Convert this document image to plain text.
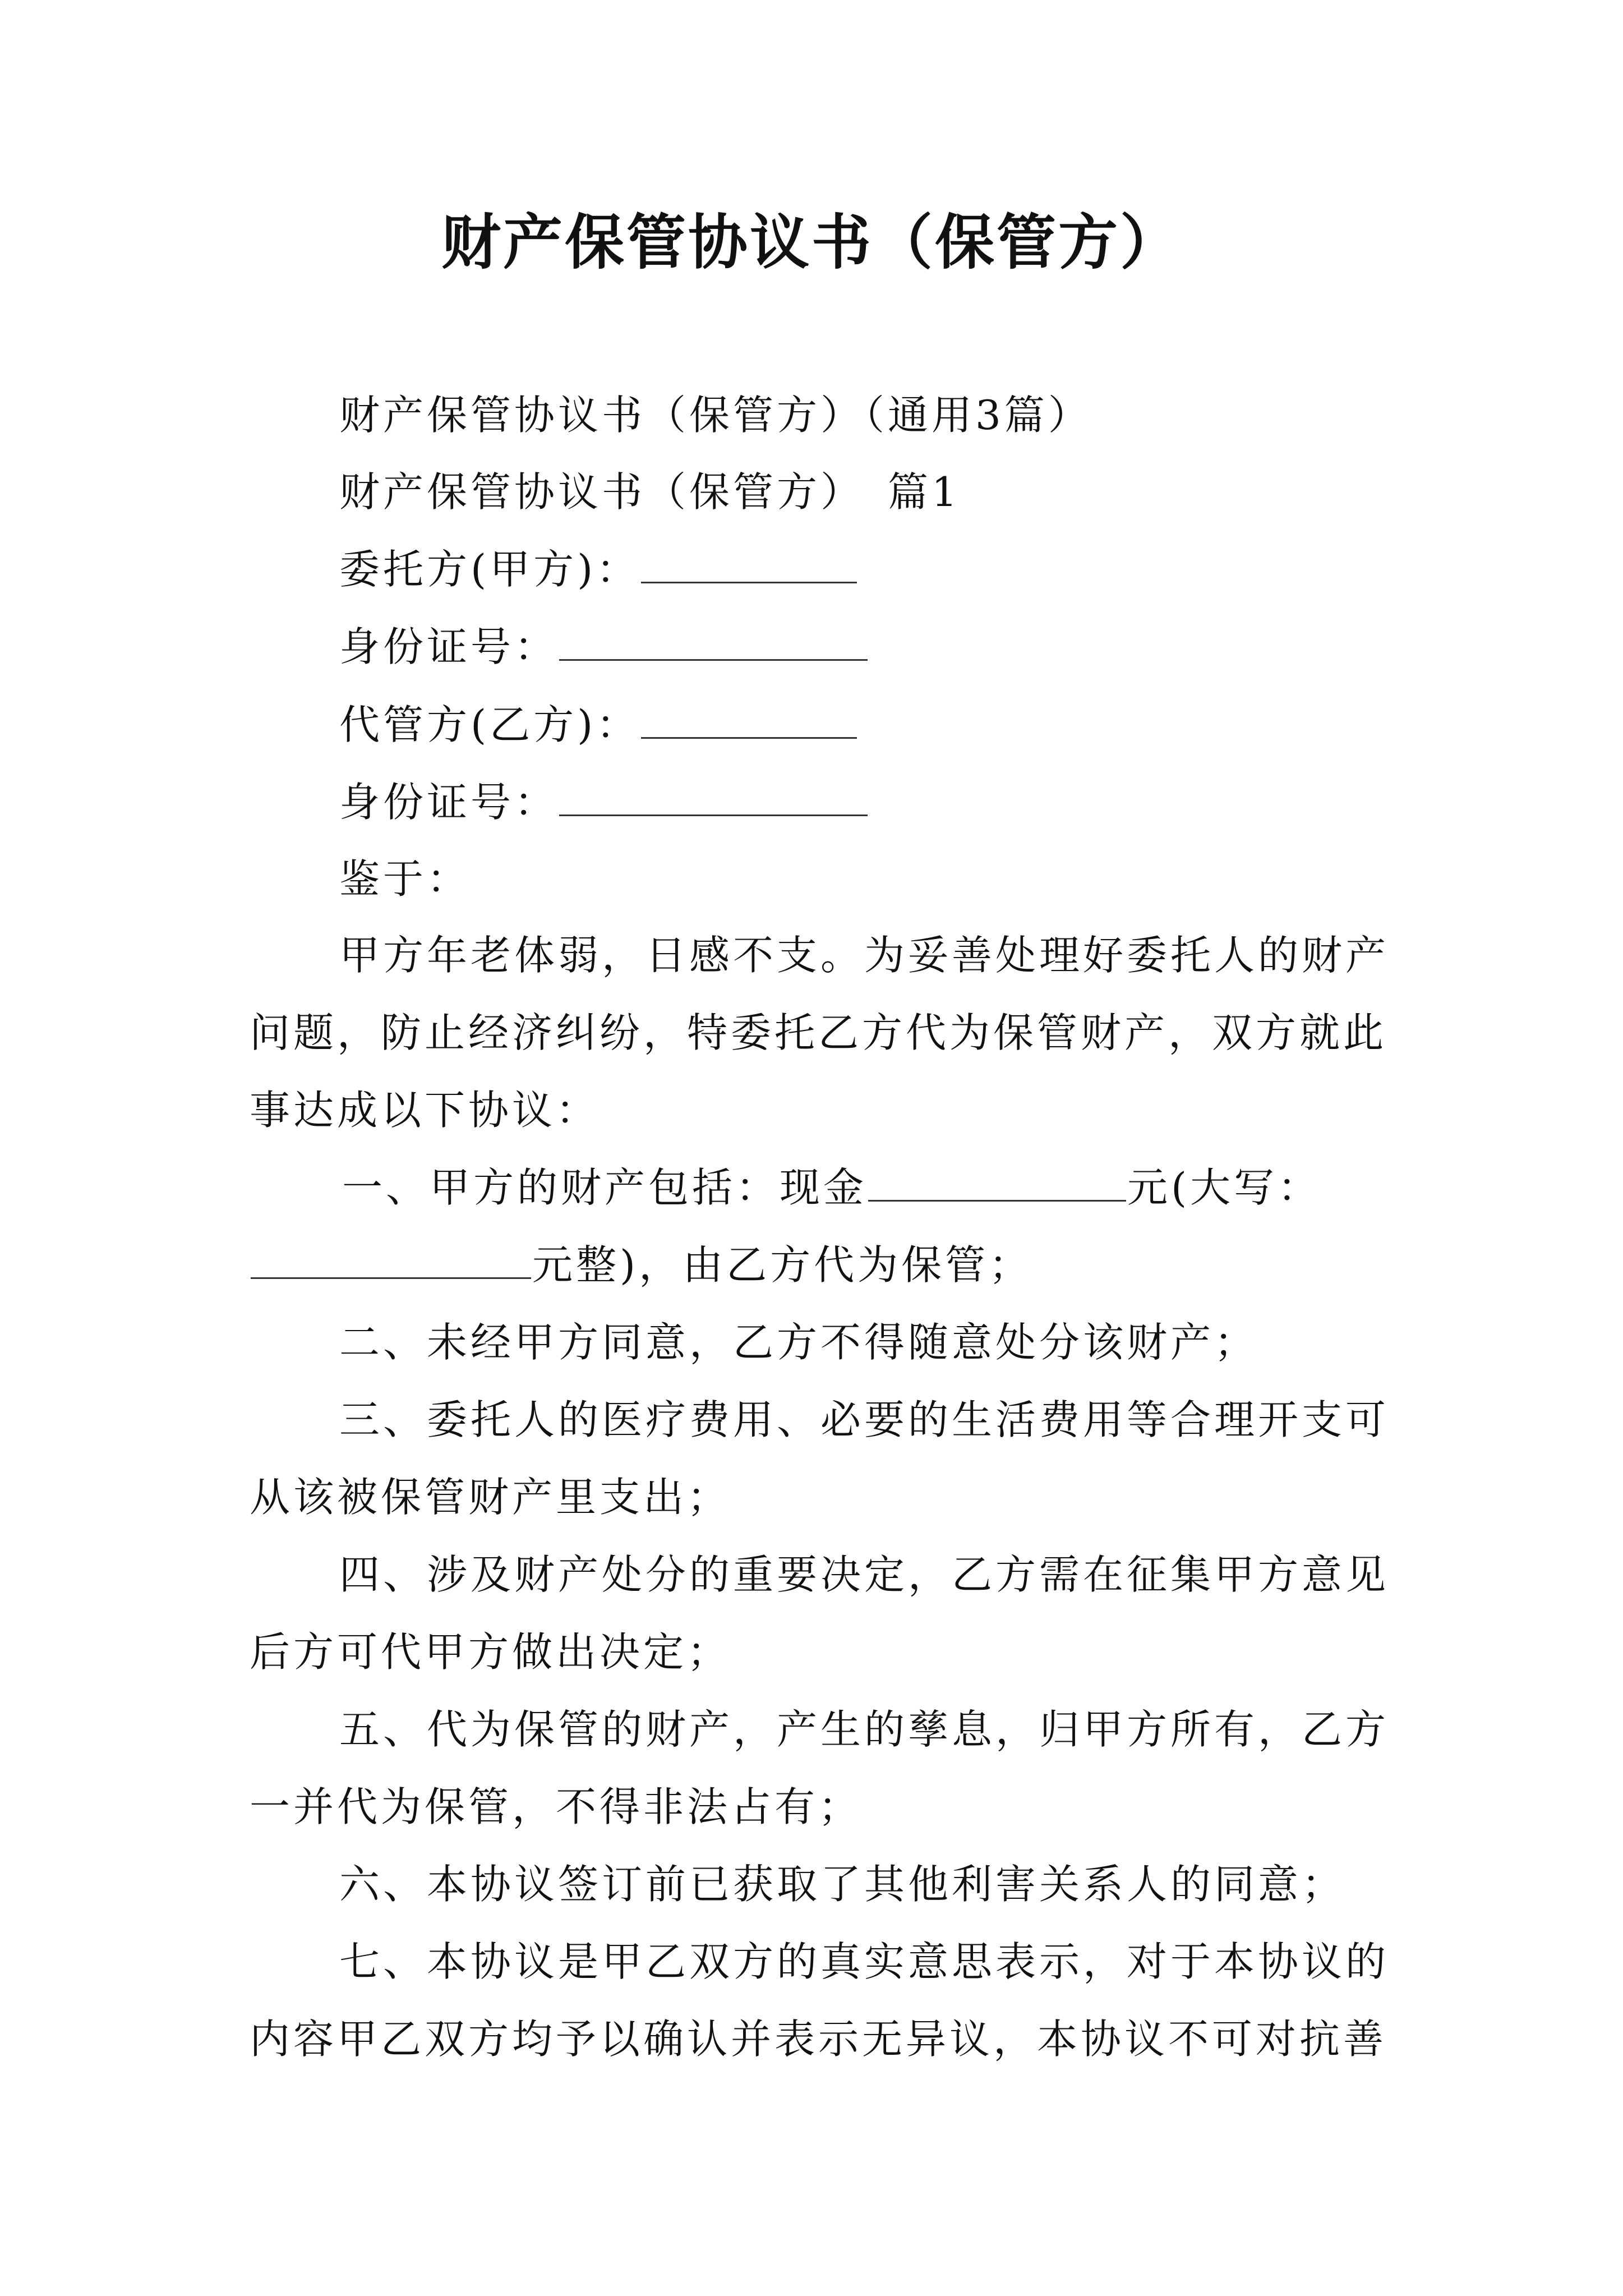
财产保管协议书（保管方）
财产保管协议书（保管方）（通用3篇）
财产保管协议书（保管方）　篇1
委托方(甲方)：
身份证号：
代管方(乙方)：
身份证号：
鉴于：
甲方年老体弱，日感不支。为妥善处理好委托人的财产
问题，防止经济纠纷，特委托乙方代为保管财产，双方就此
事达成以下协议：
一、甲方的财产包括：现金	元(大写：
元整)，由乙方代为保管；
二、未经甲方同意，乙方不得随意处分该财产；
三、委托人的医疗费用、必要的生活费用等合理开支可
从该被保管财产里支出；
四、涉及财产处分的重要决定，乙方需在征集甲方意见
后方可代甲方做出决定；
五、代为保管的财产，产生的孳息，归甲方所有，乙方
一并代为保管，不得非法占有；
六、本协议签订前已获取了其他利害关系人的同意；
七、本协议是甲乙双方的真实意思表示，对于本协议的
内容甲乙双方均予以确认并表示无异议，本协议不可对抗善
